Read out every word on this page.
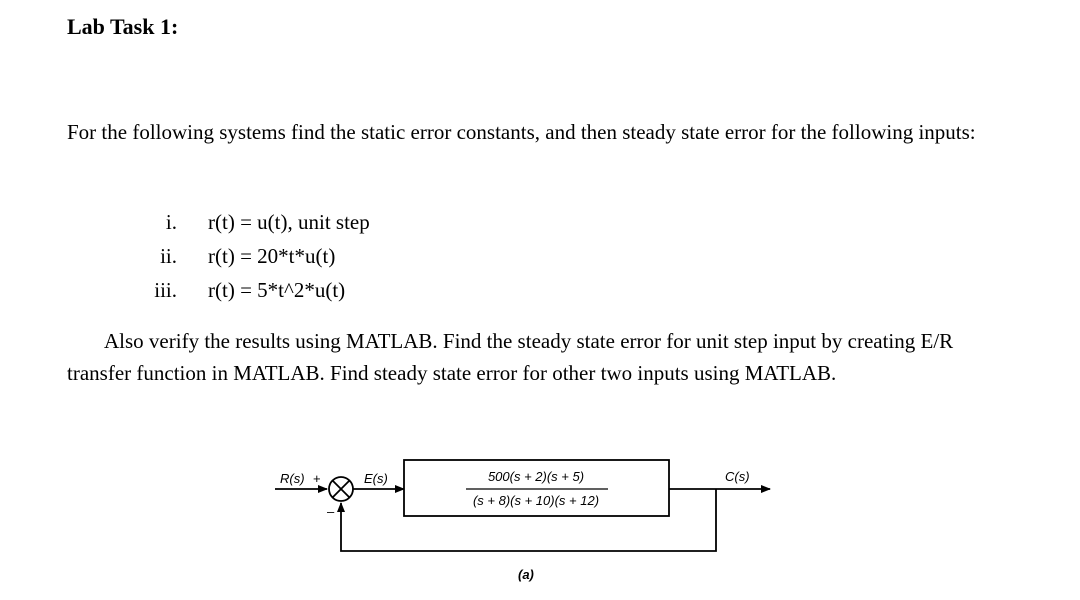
Lab Task 1:

For the following systems find the static error constants, and then steady state error for the following inputs:

i. r(t) = u(t), unit step
ii. r(t) = 20*t*u(t)
iii. r(t) = 5*t^2*u(t)

Also verify the results using MATLAB. Find the steady state error for unit step input by creating E/R transfer function in MATLAB. Find steady state error for other two inputs using MATLAB.

R(s) +
–
E(s)	500(s + 2)(s + 5)
(s + 8)(s + 10)(s + 12)
C(s)
(a)
